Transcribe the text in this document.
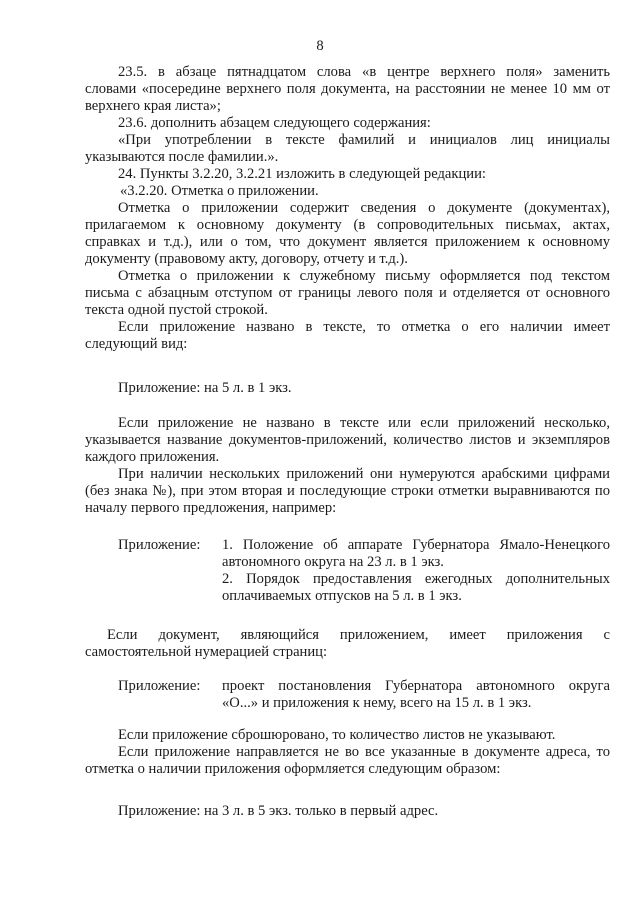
8
23.5. в абзаце пятнадцатом слова «в центре верхнего поля» заменить
словами «посередине верхнего поля документа, на расстоянии не менее 10 мм от
верхнего края листа»;
23.6. дополнить абзацем следующего содержания:
«При употреблении в тексте фамилий и инициалов лиц инициалы
указываются после фамилии.».
24. Пункты 3.2.20, 3.2.21 изложить в следующей редакции:
«3.2.20. Отметка о приложении.
Отметка о приложении содержит сведения о документе (документах),
прилагаемом к основному документу (в сопроводительных письмах, актах,
справках и т.д.), или о том, что документ является приложением к основному
документу (правовому акту, договору, отчету и т.д.).
Отметка о приложении к служебному письму оформляется под текстом
письма с абзацным отступом от границы левого поля и отделяется от основного
текста одной пустой строкой.
Если приложение названо в тексте, то отметка о его наличии имеет
следующий вид:
Приложение: на 5 л. в 1 экз.
Если приложение не названо в тексте или если приложений несколько,
указывается название документов-приложений, количество листов и экземпляров
каждого приложения.
При наличии нескольких приложений они нумеруются арабскими цифрами
(без знака №), при этом вторая и последующие строки отметки выравниваются по
началу первого предложения, например:
Приложение: 1. Положение об аппарате Губернатора Ямало-Ненецкого
автономного округа на 23 л. в 1 экз.
2. Порядок предоставления ежегодных дополнительных
оплачиваемых отпусков на 5 л. в 1 экз.
Если документ, являющийся приложением, имеет приложения с
самостоятельной нумерацией страниц:
Приложение: проект постановления Губернатора автономного округа
«О...» и приложения к нему, всего на 15 л. в 1 экз.
Если приложение сброшюровано, то количество листов не указывают.
Если приложение направляется не во все указанные в документе адреса, то
отметка о наличии приложения оформляется следующим образом:
Приложение: на 3 л. в 5 экз. только в первый адрес.
